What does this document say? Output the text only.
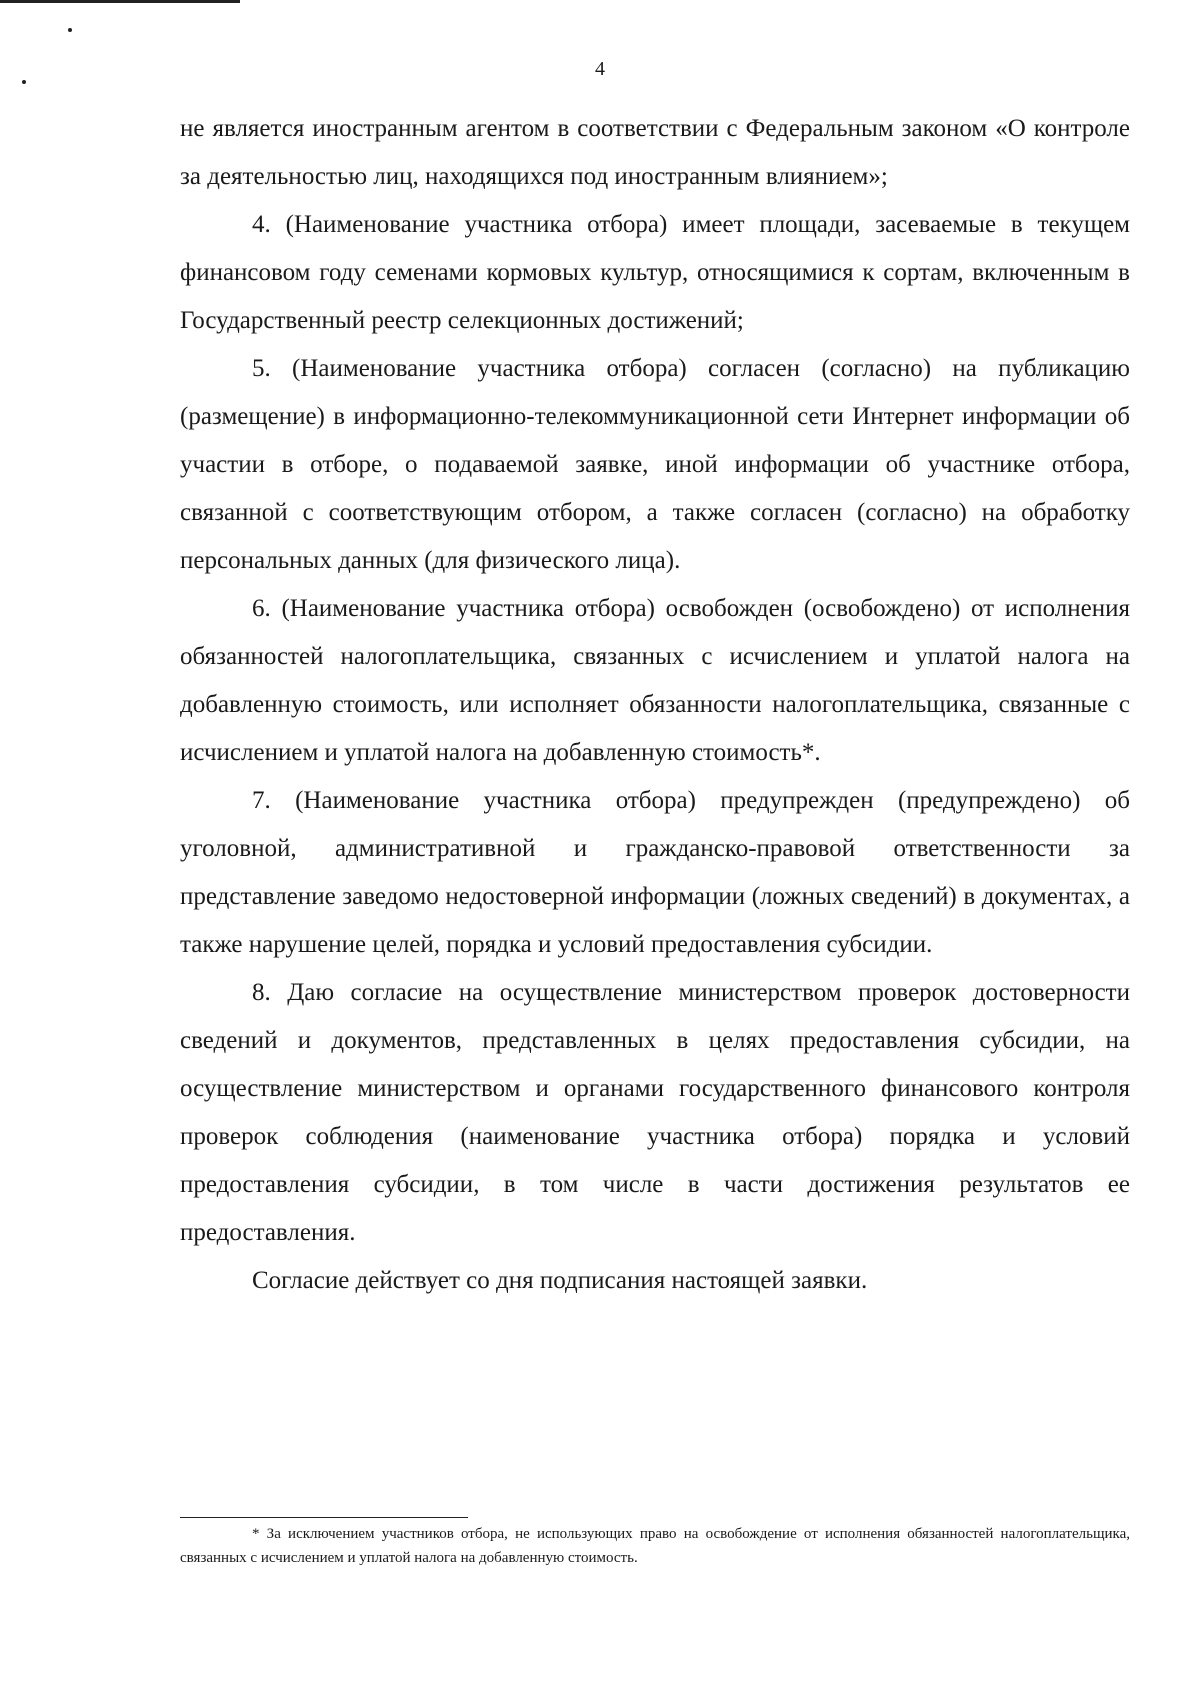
4

не является иностранным агентом в соответствии с Федеральным законом «О контроле за деятельностью лиц, находящихся под иностранным влиянием»;

4. (Наименование участника отбора) имеет площади, засеваемые в текущем финансовом году семенами кормовых культур, относящимися к сортам, включенным в Государственный реестр селекционных достижений;

5. (Наименование участника отбора) согласен (согласно) на публикацию (размещение) в информационно-телекоммуникационной сети Интернет информации об участии в отборе, о подаваемой заявке, иной информации об участнике отбора, связанной с соответствующим отбором, а также согласен (согласно) на обработку персональных данных (для физического лица).

6. (Наименование участника отбора) освобожден (освобождено) от исполнения обязанностей налогоплательщика, связанных с исчислением и уплатой налога на добавленную стоимость, или исполняет обязанности налогоплательщика, связанные с исчислением и уплатой налога на добавленную стоимость*.

7. (Наименование участника отбора) предупрежден (предупреждено) об уголовной, административной и гражданско-правовой ответственности за представление заведомо недостоверной информации (ложных сведений) в документах, а также нарушение целей, порядка и условий предоставления субсидии.

8. Даю согласие на осуществление министерством проверок достоверности сведений и документов, представленных в целях предоставления субсидии, на осуществление министерством и органами государственного финансового контроля проверок соблюдения (наименование участника отбора) порядка и условий предоставления субсидии, в том числе в части достижения результатов ее предоставления.

Согласие действует со дня подписания настоящей заявки.

* За исключением участников отбора, не использующих право на освобождение от исполнения обязанностей налогоплательщика, связанных с исчислением и уплатой налога на добавленную стоимость.
